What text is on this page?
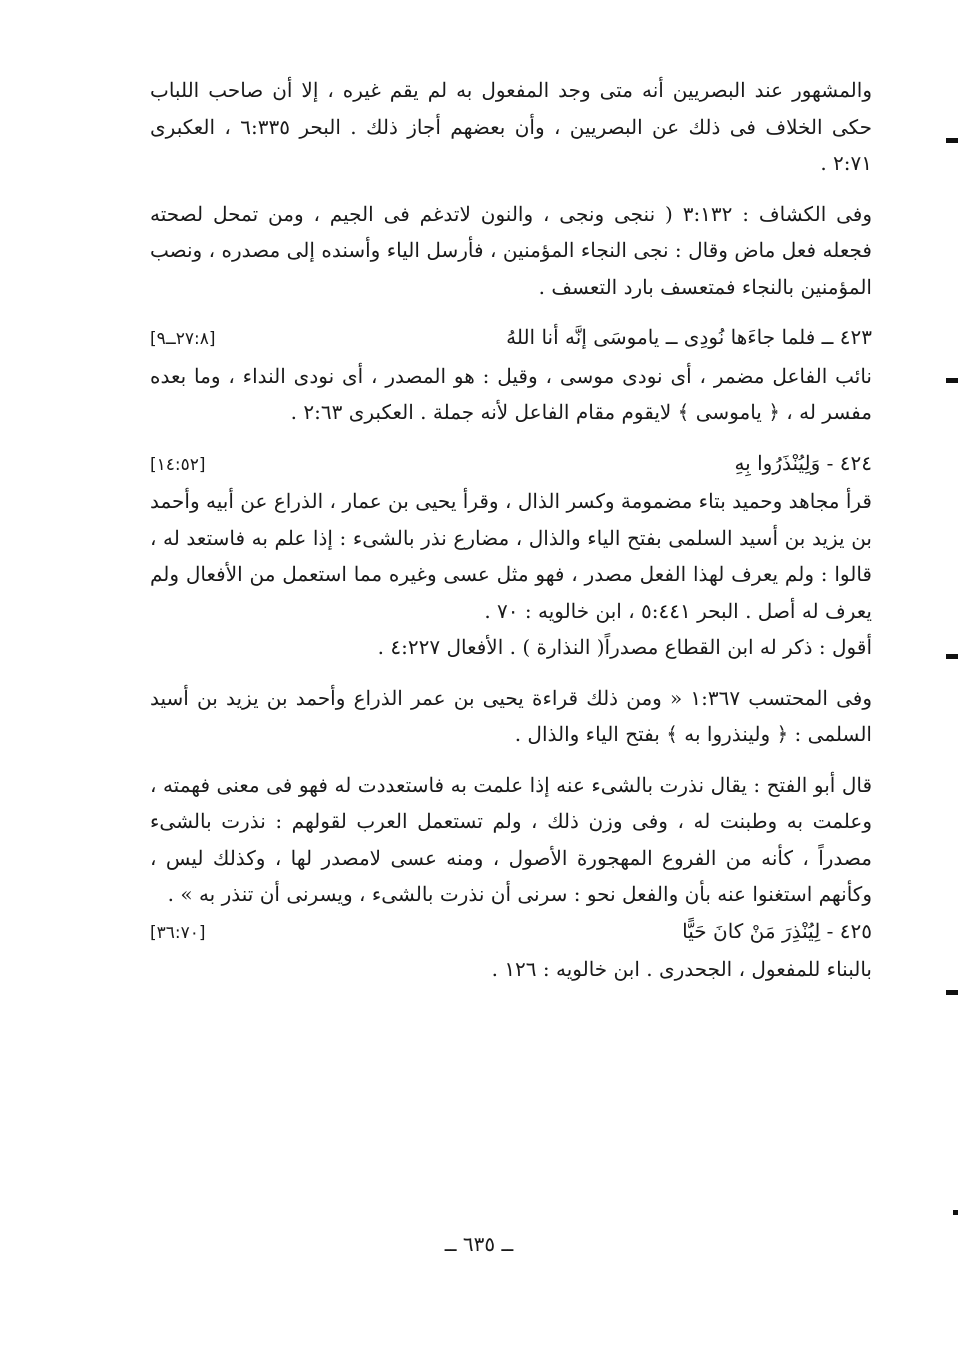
والمشهور عند البصريين أنه متى وجد المفعول به لم يقم غيره ، إلا أن صاحب اللباب حكى الخلاف فى ذلك عن البصريين ، وأن بعضهم أجاز ذلك . البحر ٦:٣٣٥ ، العكبرى ٢:٧١ .

وفى الكشاف : ٣:١٣٢ ( ننجى ونجى ، والنون لاتدغم فى الجيم ، ومن تمحل لصحته فجعله فعل ماض وقال : نجى النجاء المؤمنين ، فأرسل الياء وأسنده إلى مصدره ، ونصب المؤمنين بالنجاء فمتعسف بارد التعسف .

٤٢٣ ــ فلما جاءَها نُودِى ــ ياموسَى إنَّه أنا اللهُ
[٢٧:٨ــ٩]

نائب الفاعل مضمر ، أى نودى موسى ، وقيل : هو المصدر ، أى نودى النداء ، وما بعده مفسر له ، ﴿ ياموسى ﴾ لايقوم مقام الفاعل لأنه جملة . العكبرى ٢:٦٣ .

٤٢٤ - وَلِيُنْذَرُوا بِهِ
[١٤:٥٢]

قرأ مجاهد وحميد بتاء مضمومة وكسر الذال ، وقرأ يحيى بن عمار ، الذراع عن أبيه وأحمد بن يزيد بن أسيد السلمى بفتح الياء والذال ، مضارع نذر بالشىء : إذا علم به فاستعد له ، قالوا : ولم يعرف لهذا الفعل مصدر ، فهو مثل عسى وغيره مما استعمل من الأفعال ولم يعرف له أصل . البحر ٥:٤٤١ ، ابن خالويه : ٧٠ .

أقول : ذكر له ابن القطاع مصدراً( النذارة ) . الأفعال ٤:٢٢٧ .

وفى المحتسب ١:٣٦٧ « ومن ذلك قراءة يحيى بن عمر الذراع وأحمد بن يزيد بن أسيد السلمى : ﴿ ولينذروا به ﴾ بفتح الياء والذال .

قال أبو الفتح : يقال نذرت بالشىء عنه إذا علمت به فاستعددت له فهو فى معنى فهمته ، وعلمت به وطبنت له ، وفى وزن ذلك ، ولم تستعمل العرب لقولهم : نذرت بالشىء مصدراً ، كأنه من الفروع المهجورة الأصول ، ومنه عسى لامصدر لها ، وكذلك ليس ، وكأنهم استغنوا عنه بأن والفعل نحو : سرنى أن نذرت بالشىء ، ويسرنى أن تنذر به » .

٤٢٥ - لِيُنْذِرَ مَنْ كانَ حَيًّا
[٣٦:٧٠]

بالبناء للمفعول ، الجحدرى . ابن خالويه : ١٢٦ .

ــ ٦٣٥ ــ
